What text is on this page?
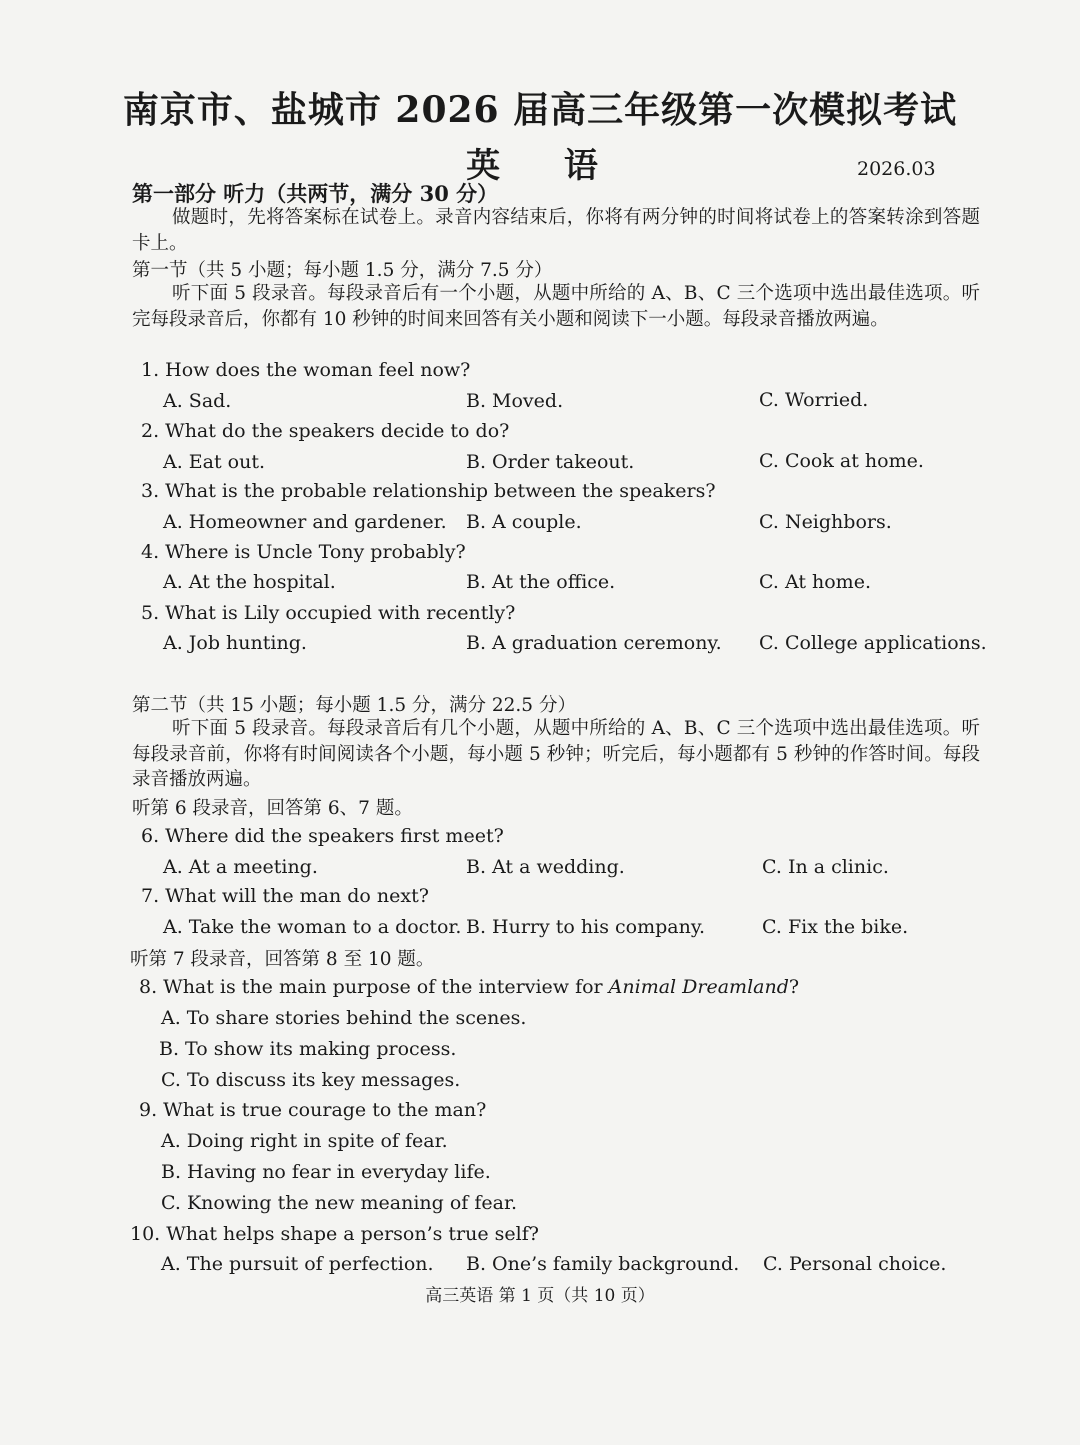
南京市、盐城市 2026 届高三年级第一次模拟考试
英 语	2026.03
第一部分 听力（共两节，满分 30 分）
做题时，先将答案标在试卷上。录音内容结束后，你将有两分钟的时间将试卷上的答案转涂到答题卡上。
第一节（共 5 小题；每小题 1.5 分，满分 7.5 分）
听下面 5 段录音。每段录音后有一个小题，从题中所给的 A、B、C 三个选项中选出最佳选项。听完每段录音后，你都有 10 秒钟的时间来回答有关小题和阅读下一小题。每段录音播放两遍。
1. How does the woman feel now?
A. Sad.	B. Moved.	C. Worried.
2. What do the speakers decide to do?
A. Eat out.	B. Order takeout.	C. Cook at home.
3. What is the probable relationship between the speakers?
A. Homeowner and gardener. B. A couple.	C. Neighbors.
4. Where is Uncle Tony probably?
A. At the hospital.	B. At the office.	C. At home.
5. What is Lily occupied with recently?
A. Job hunting.	B. A graduation ceremony. C. College applications.
第二节（共 15 小题；每小题 1.5 分，满分 22.5 分）
听下面 5 段录音。每段录音后有几个小题，从题中所给的 A、B、C 三个选项中选出最佳选项。听每段录音前，你将有时间阅读各个小题，每小题 5 秒钟；听完后，每小题都有 5 秒钟的作答时间。每段录音播放两遍。
听第 6 段录音，回答第 6、7 题。
6. Where did the speakers first meet?
A. At a meeting.	B. At a wedding.	C. In a clinic.
7. What will the man do next?
A. Take the woman to a doctor. B. Hurry to his company.	C. Fix the bike.
听第 7 段录音，回答第 8 至 10 题。
8. What is the main purpose of the interview for Animal Dreamland?
A. To share stories behind the scenes.
B. To show its making process.
C. To discuss its key messages.
9. What is true courage to the man?
A. Doing right in spite of fear.
B. Having no fear in everyday life.
C. Knowing the new meaning of fear.
10. What helps shape a person’s true self?
A. The pursuit of perfection. B. One’s family background. C. Personal choice.
高三英语 第 1 页（共 10 页）
